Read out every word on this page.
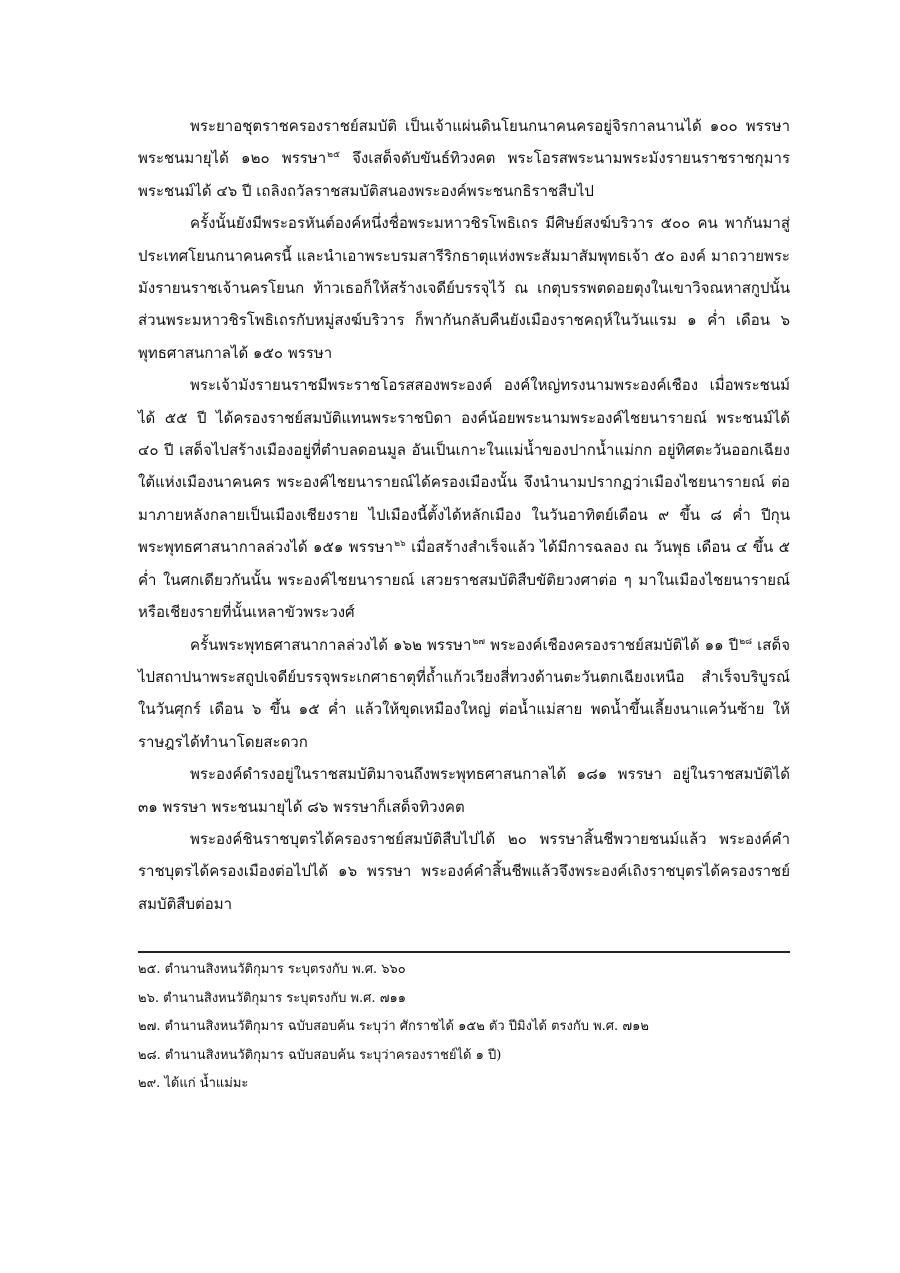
พระยาอชุตราชครองราชย์สมบัติ เป็นเจ้าแผ่นดินโยนกนาคนครอยู่จิรกาลนานได้ ๑๐๐ พรรษา พระชนมายุได้ ๑๒๐ พรรษา$^{๒๕}$ จึงเสด็จดับขันธ์ทิวงคต พระโอรสพระนามพระมังรายนราชราชกุมาร พระชนม์ได้ ๔๖ ปี เถลิงถวัลราชสมบัติสนองพระองค์พระชนกธิราชสืบไป

ครั้งนั้นยังมีพระอรหันต์องค์หนึ่งชื่อพระมหาวชิรโพธิเถร มีศิษย์สงฆ์บริวาร ๕๐๐ คน พากันมาสู่ประเทศโยนกนาคนครนี้ และนำเอาพระบรมสารีริกธาตุแห่งพระสัมมาสัมพุทธเจ้า ๕๐ องค์ มาถวายพระมังรายนราชเจ้านครโยนก ท้าวเธอก็ให้สร้างเจดีย์บรรจุไว้ ณ เกตุบรรพตดอยตุงในเขาวิจณหาสกูปนั้น ส่วนพระมหาวชิรโพธิเถรกับหมู่สงฆ์บริวาร ก็พากันกลับคืนยังเมืองราชคฤห์ในวันแรม ๑ ค่ำ เดือน ๖ พุทธศาสนกาลได้ ๑๕๐ พรรษา

พระเจ้ามังรายนราชมีพระราชโอรสสองพระองค์ องค์ใหญ่ทรงนามพระองค์เชือง เมื่อพระชนม์ได้ ๕๕ ปี ได้ครองราชย์สมบัติแทนพระราชบิดา องค์น้อยพระนามพระองค์ไชยนารายณ์ พระชนม์ได้ ๔๐ ปี เสด็จไปสร้างเมืองอยู่ที่ตำบลดอนมูล อันเป็นเกาะในแม่น้ำของปากน้ำแม่กก อยู่ทิศตะวันออกเฉียงใต้แห่งเมืองนาคนคร พระองค์ไชยนารายณ์ได้ครองเมืองนั้น จึงนำนามปรากฏว่าเมืองไชยนารายณ์ ต่อมาภายหลังกลายเป็นเมืองเชียงราย ไปเมืองนี้ตั้งได้หลักเมือง ในวันอาทิตย์เดือน ๙ ขึ้น ๘ ค่ำ ปีกุน พระพุทธศาสนากาลล่วงได้ ๑๕๑ พรรษา$^{๒๖}$ เมื่อสร้างสำเร็จแล้ว ได้มีการฉลอง ณ วันพุธ เดือน ๔ ขึ้น ๕ ค่ำ ในศกเดียวกันนั้น พระองค์ไชยนารายณ์ เสวยราชสมบัติสืบขัติยวงศาต่อ ๆ มาในเมืองไชยนารายณ์หรือเชียงรายที่นั้นเหลาขัวพระวงศ์

ครั้นพระพุทธศาสนากาลล่วงได้ ๑๖๒ พรรษา$^{๒๗}$ พระองค์เชืองครองราชย์สมบัติได้ ๑๑ ปี$^{๒๘}$ เสด็จไปสถาปนาพระสถูปเจดีย์บรรจุพระเกศาธาตุที่ถ้ำแก้วเวียงสี่ทวงด้านตะวันตกเฉียงเหนือ สำเร็จบริบูรณ์ในวันศุกร์ เดือน ๖ ขึ้น ๑๕ ค่ำ แล้วให้ขุดเหมืองใหญ่ ต่อน้ำแม่สาย พดน้ำขึ้นเลี้ยงนาแคว้นซ้าย ให้ราษฎรได้ทำนาโดยสะดวก

พระองค์ดำรงอยู่ในราชสมบัติมาจนถึงพระพุทธศาสนกาลได้ ๑๘๑ พรรษา อยู่ในราชสมบัติได้ ๓๑ พรรษา พระชนมายุได้ ๘๖ พรรษาก็เสด็จทิวงคต

พระองค์ชินราชบุตรได้ครองราชย์สมบัติสืบไปได้ ๒๐ พรรษาสิ้นชีพวายชนม์แล้ว พระองค์คำราชบุตรได้ครองเมืองต่อไปได้ ๑๖ พรรษา พระองค์คำสิ้นชีพแล้วจึงพระองค์เถิงราชบุตรได้ครองราชย์สมบัติสืบต่อมา

๒๕. ตำนานสิงหนวัติกุมาร ระบุตรงกับ พ.ศ. ๖๖๐

๒๖. ตำนานสิงหนวัติกุมาร ระบุตรงกับ พ.ศ. ๗๑๑

๒๗. ตำนานสิงหนวัติกุมาร ฉบับสอบค้น ระบุว่า ศักราชได้ ๑๕๒ ตัว ปีมิงได้ ตรงกับ พ.ศ. ๗๑๒

๒๘. ตำนานสิงหนวัติกุมาร ฉบับสอบค้น ระบุว่าครองราชย์ได้ ๑ ปี)

๒๙. ได้แก่ น้ำแม่มะ
